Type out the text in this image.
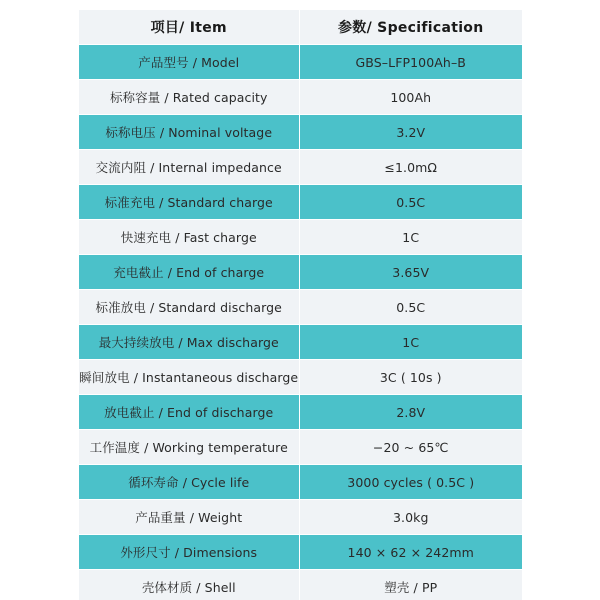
项目/ Item	参数/ Specification
产品型号 / Model	GBS–LFP100Ah–B
标称容量 / Rated capacity	100Ah
标称电压 / Nominal voltage	3.2V
交流内阻 / Internal impedance	≤1.0mΩ
标准充电 / Standard charge	0.5C
快速充电 / Fast charge	1C
充电截止 / End of charge	3.65V
标准放电 / Standard discharge	0.5C
最大持续放电 / Max discharge	1C
瞬间放电 / Instantaneous discharge	3C ( 10s )
放电截止 / End of discharge	2.8V
工作温度 / Working temperature	−20 ~ 65℃
循环寿命 / Cycle life	3000 cycles ( 0.5C )
产品重量 / Weight	3.0kg
外形尺寸 / Dimensions	140 × 62 × 242mm
壳体材质 / Shell	塑壳 / PP
